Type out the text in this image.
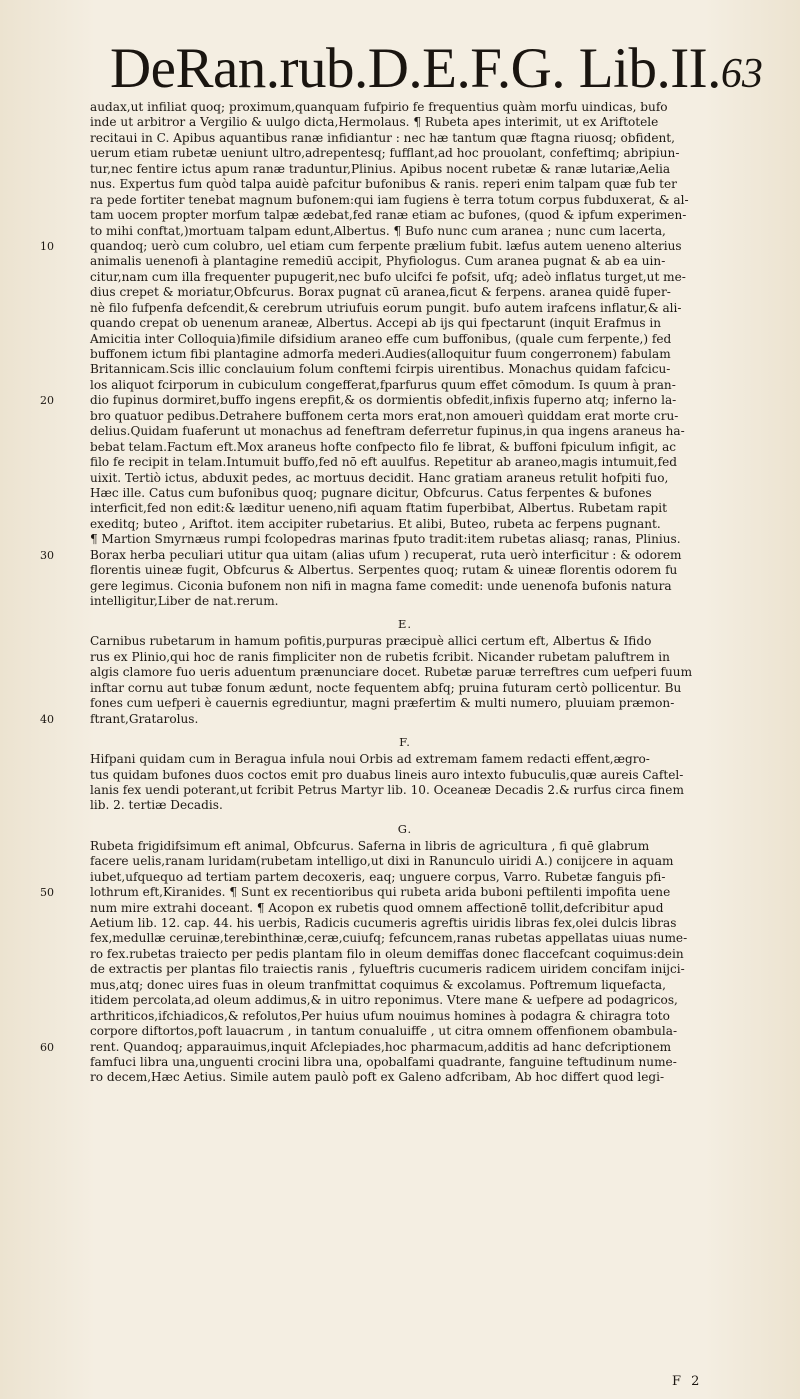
DeRan.rub.D.E.F.G. Lib.II. 63
audax,ut infiliat quoq; proximum,quanquam fufpirio fe frequentius quàm morfu uindicas, bufo
inde ut arbitror a Vergilio & uulgo dicta,Hermolaus. ¶ Rubeta apes interimit, ut ex Ariftotele
recitaui in C. Apibus aquantibus ranæ infidiantur : nec hæ tantum quæ ftagna riuosq; obfident,
uerum etiam rubetæ ueniunt ultro,adrepentesq; fufflant,ad hoc prouolant, confeftimq; abripiun-
tur,nec fentire ictus apum ranæ traduntur,Plinius. Apibus nocent rubetæ & ranæ lutariæ,Aelia
nus. Expertus fum quòd talpa auidè pafcitur bufonibus & ranis. reperi enim talpam quæ fub ter
ra pede fortiter tenebat magnum bufonem:qui iam fugiens è terra totum corpus fubduxerat, & al-
tam uocem propter morfum talpæ ædebat,fed ranæ etiam ac bufones, (quod & ipfum experimen-
to mihi conftat,)mortuam talpam edunt,Albertus. ¶ Bufo nunc cum aranea ; nunc cum lacerta,
10	quandoq; uerò cum colubro, uel etiam cum ferpente prælium fubit. læfus autem ueneno alterius
animalis uenenofi à plantagine remediū accipit, Phyfiologus. Cum aranea pugnat & ab ea uin-
citur,nam cum illa frequenter pupugerit,nec bufo ulcifci fe pofsit, ufq; adeò inflatus turget,ut me-
dius crepet & moriatur,Obfcurus. Borax pugnat cū aranea,ficut & ferpens. aranea quidē fuper-
nè filo fufpenfa defcendit,& cerebrum utriufuis eorum pungit. bufo autem irafcens inflatur,& ali-
quando crepat ob uenenum araneæ, Albertus. Accepi ab ijs qui fpectarunt (inquit Erafmus in
Amicitia inter Colloquia)fimile difsidium araneo effe cum buffonibus, (quale cum ferpente,) fed
buffonem ictum fibi plantagine admorfa mederi.Audies(alloquitur fuum congerronem) fabulam
Britannicam.Scis illic conclauium folum conftemi fcirpis uirentibus. Monachus quidam fafcicu-
los aliquot fcirporum in cubiculum congefferat,fparfurus quum effet cōmodum. Is quum à pran-
20	dio fupinus dormiret,buffo ingens erepfit,& os dormientis obfedit,infixis fuperno atq; inferno la-
bro quatuor pedibus.Detrahere buffonem certa mors erat,non amouerì quiddam erat morte cru-
delius.Quidam fuaferunt ut monachus ad feneftram deferretur fupinus,in qua ingens araneus ha-
bebat telam.Factum eft.Mox araneus hofte confpecto filo fe librat, & buffoni fpiculum infigit, ac
filo fe recipit in telam.Intumuit buffo,fed nō eft auulfus. Repetitur ab araneo,magis intumuit,fed
uixit. Tertiò ictus, abduxit pedes, ac mortuus decidit. Hanc gratiam araneus retulit hofpiti fuo,
Hæc ille. Catus cum bufonibus quoq; pugnare dicitur, Obfcurus. Catus ferpentes & bufones
interficit,fed non edit:& læditur ueneno,nifi aquam ftatim fuperbibat, Albertus. Rubetam rapit
exeditq; buteo , Ariftot. item accipiter rubetarius. Et alibi, Buteo, rubeta ac ferpens pugnant.
¶ Martion Smyrnæus rumpi fcolopedras marinas fputo tradit:item rubetas aliasq; ranas, Plinius.
30	Borax herba peculiari utitur qua uitam (alias ufum ) recuperat, ruta uerò interficitur : & odorem
florentis uineæ fugit, Obfcurus & Albertus. Serpentes quoq; rutam & uineæ florentis odorem fu
gere legimus. Ciconia bufonem non nifi in magna fame comedit: unde uenenofa bufonis natura
intelligitur,Liber de nat.rerum.
E.
Carnibus rubetarum in hamum pofitis,purpuras præcipuè allici certum eft, Albertus & Ifido
rus ex Plinio,qui hoc de ranis fimpliciter non de rubetis fcribit. Nicander rubetam paluftrem in
algis clamore fuo ueris aduentum prænunciare docet. Rubetæ paruæ terreftres cum uefperi fuum
inftar cornu aut tubæ fonum ædunt, nocte fequentem abfq; pruina futuram certò pollicentur. Bu
fones cum uefperi è cauernis egrediuntur, magni præfertim & multi numero, pluuiam præmon-
40	ftrant,Gratarolus.
F.
Hifpani quidam cum in Beragua infula noui Orbis ad extremam famem redacti effent,ægro-
tus quidam bufones duos coctos emit pro duabus lineis auro intexto fubuculis,quæ aureis Caftel-
lanis fex uendi poterant,ut fcribit Petrus Martyr lib. 10. Oceaneæ Decadis 2.& rurfus circa finem
lib. 2. tertiæ Decadis.
G.
Rubeta frigidifsimum eft animal, Obfcurus. Saferna in libris de agricultura , fi quē glabrum
facere uelis,ranam luridam(rubetam intelligo,ut dixi in Ranunculo uiridi A.) conijcere in aquam
iubet,ufquequo ad tertiam partem decoxeris, eaq; unguere corpus, Varro. Rubetæ fanguis pfi-
50	lothrum eft,Kiranides. ¶ Sunt ex recentioribus qui rubeta arida buboni peftilenti impofita uene
num mire extrahi doceant. ¶ Acopon ex rubetis quod omnem affectionē tollit,defcribitur apud
Aetium lib. 12. cap. 44. his uerbis, Radicis cucumeris agreftis uiridis libras fex,olei dulcis libras
fex,medullæ ceruinæ,terebinthinæ,ceræ,cuiufq; fefcuncem,ranas rubetas appellatas uiuas nume-
ro fex.rubetas traiecto per pedis plantam filo in oleum demiffas donec flaccefcant coquimus:dein
de extractis per plantas filo traiectis ranis , fylueftris cucumeris radicem uiridem concifam inijci-
mus,atq; donec uires fuas in oleum tranfmittat coquimus & excolamus. Poftremum liquefacta,
itidem percolata,ad oleum addimus,& in uitro reponimus. Vtere mane & uefpere ad podagricos,
arthriticos,ifchiadicos,& refolutos,Per huius ufum nouimus homines à podagra & chiragra toto
corpore diftortos,poft lauacrum , in tantum conualuiffe , ut citra omnem offenfionem obambula-
60	rent. Quandoq; apparauimus,inquit Afclepiades,hoc pharmacum,additis ad hanc defcriptionem
famfuci libra una,unguenti crocini libra una, opobalfami quadrante, fanguine teftudinum nume-
ro decem,Hæc Aetius. Simile autem paulò poft ex Galeno adfcribam, Ab hoc differt quod legi-
F 2
